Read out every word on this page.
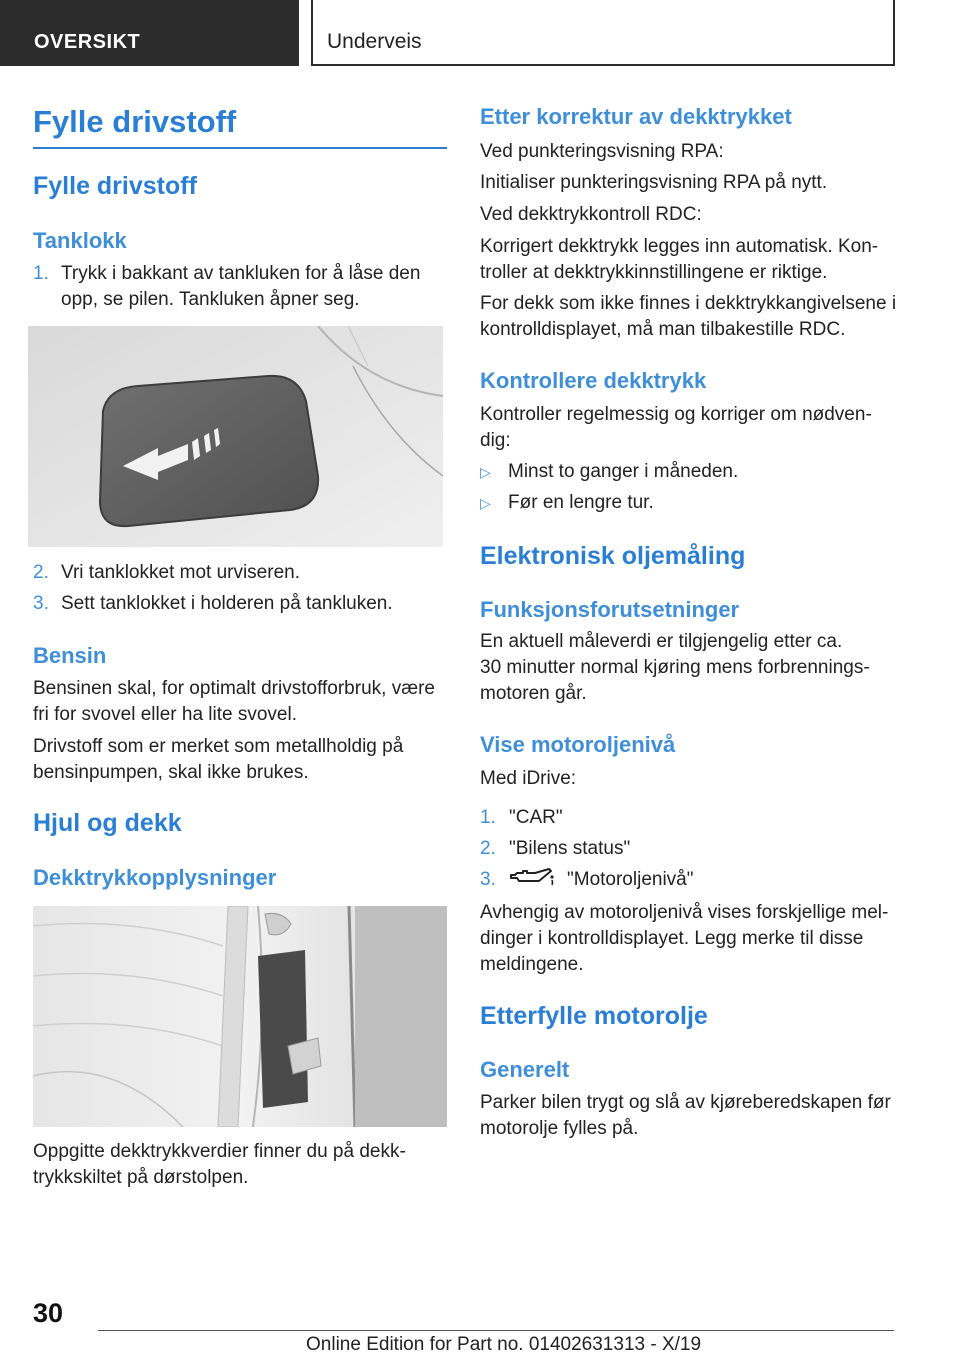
OVERSIKT	Underveis
Fylle drivstoff
Fylle drivstoff
Tanklokk
1. Trykk i bakkant av tankluken for å låse den
opp, se pilen. Tankluken åpner seg.
2. Vri tanklokket mot urviseren.
3. Sett tanklokket i holderen på tankluken.
Bensin
Bensinen skal, for optimalt drivstofforbruk, være
fri for svovel eller ha lite svovel.
Drivstoff som er merket som metallholdig på
bensinpumpen, skal ikke brukes.
Hjul og dekk
Dekktrykkopplysninger
Oppgitte dekktrykkverdier finner du på dekk-
trykkskiltet på dørstolpen.
Etter korrektur av dekktrykket
Ved punkteringsvisning RPA:
Initialiser punkteringsvisning RPA på nytt.
Ved dekktrykkontroll RDC:
Korrigert dekktrykk legges inn automatisk. Kon-
troller at dekktrykkinnstillingene er riktige.
For dekk som ikke finnes i dekktrykkangivelsene i
kontrolldisplayet, må man tilbakestille RDC.
Kontrollere dekktrykk
Kontroller regelmessig og korriger om nødven-
dig:
▷ Minst to ganger i måneden.
▷ Før en lengre tur.
Elektronisk oljemåling
Funksjonsforutsetninger
En aktuell måleverdi er tilgjengelig etter ca.
30 minutter normal kjøring mens forbrennings-
motoren går.
Vise motoroljenivå
Med iDrive:
1. "CAR"
2. "Bilens status"
3.	"Motoroljenivå"
Avhengig av motoroljenivå vises forskjellige mel-
dinger i kontrolldisplayet. Legg merke til disse
meldingene.
Etterfylle motorolje
Generelt
Parker bilen trygt og slå av kjøreberedskapen før
motorolje fylles på.
30
Online Edition for Part no. 01402631313 - X/19
